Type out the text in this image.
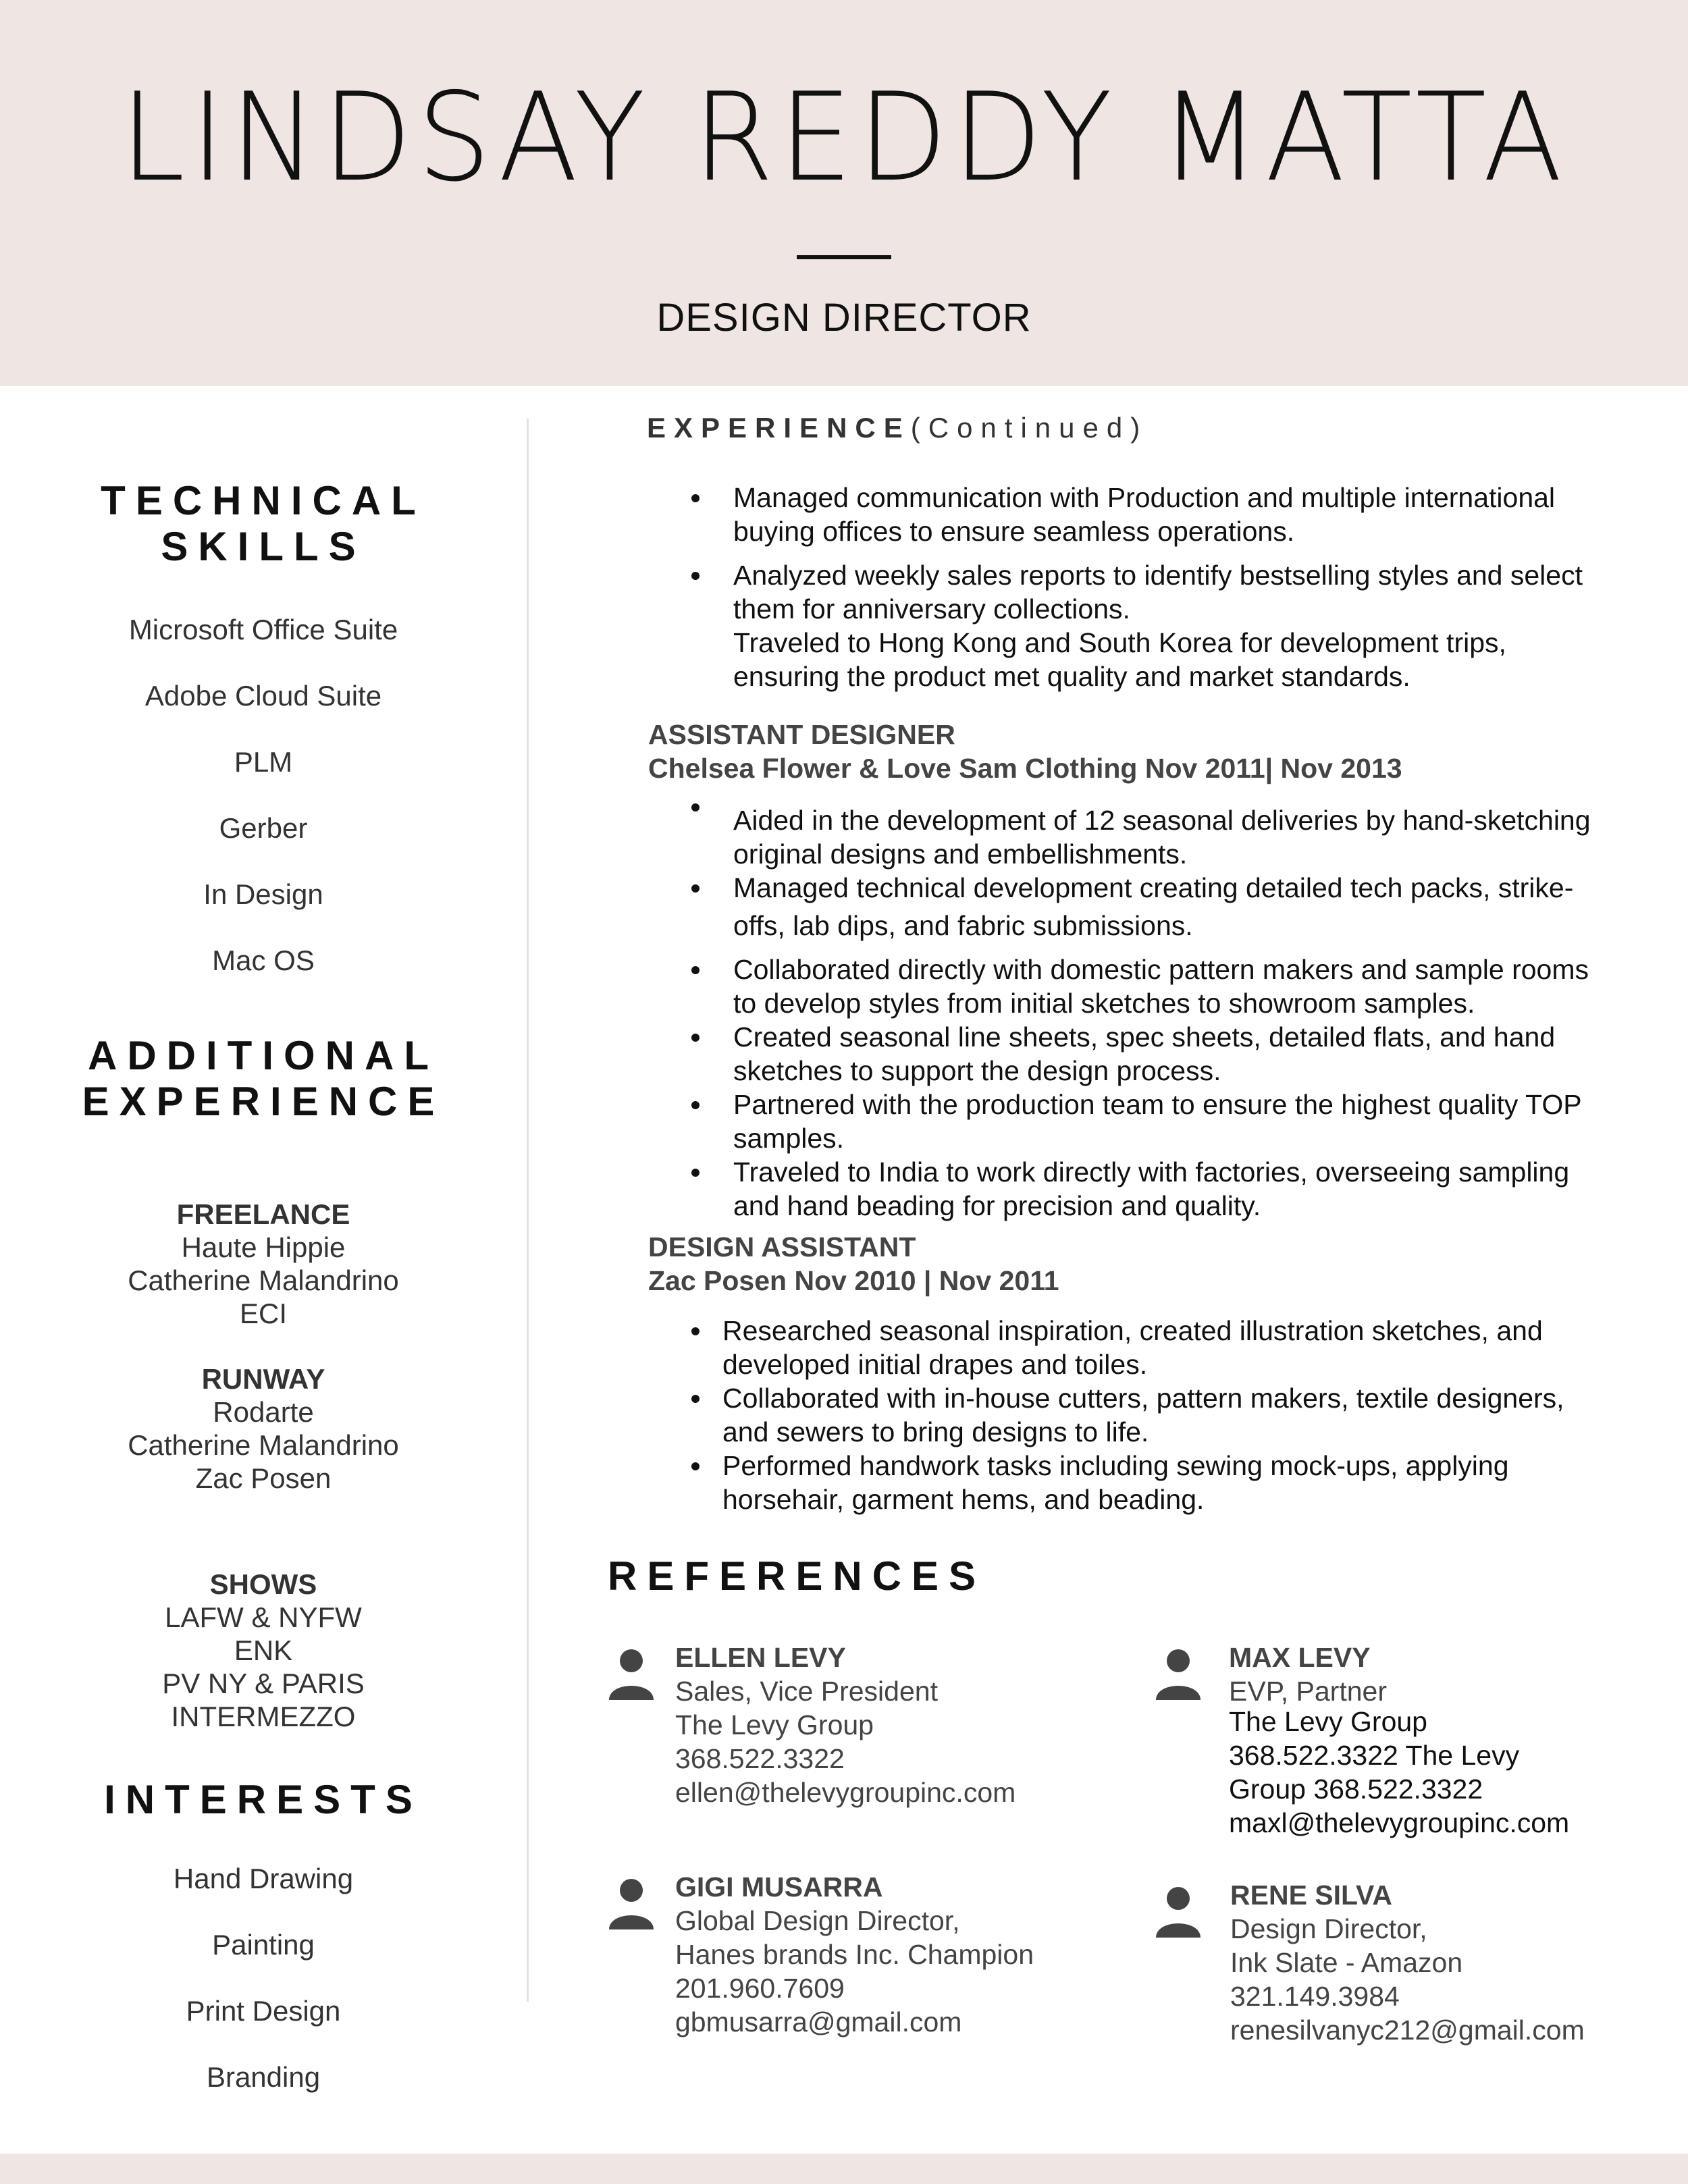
LINDSAY REDDY MATTA
DESIGN DIRECTOR
TECHNICAL
SKILLS
Microsoft Office Suite
Adobe Cloud Suite
PLM
Gerber
In Design
Mac OS
ADDITIONAL
EXPERIENCE
FREELANCE
Haute Hippie
Catherine Malandrino
ECI
RUNWAY
Rodarte
Catherine Malandrino
Zac Posen
SHOWS
LAFW & NYFW
ENK
PV NY & PARIS
INTERMEZZO
INTERESTS
Hand Drawing
Painting
Print Design
Branding
EXPERIENCE(Continued)
Managed communication with Production and multiple international
buying offices to ensure seamless operations.
Analyzed weekly sales reports to identify bestselling styles and select
them for anniversary collections.
Traveled to Hong Kong and South Korea for development trips,
ensuring the product met quality and market standards.
ASSISTANT DESIGNER
Chelsea Flower & Love Sam Clothing Nov 2011| Nov 2013
Aided in the development of 12 seasonal deliveries by hand-sketching
original designs and embellishments.
Managed technical development creating detailed tech packs, strike-
offs, lab dips, and fabric submissions.
Collaborated directly with domestic pattern makers and sample rooms
to develop styles from initial sketches to showroom samples.
Created seasonal line sheets, spec sheets, detailed flats, and hand
sketches to support the design process.
Partnered with the production team to ensure the highest quality TOP
samples.
Traveled to India to work directly with factories, overseeing sampling
and hand beading for precision and quality.
DESIGN ASSISTANT
Zac Posen Nov 2010 | Nov 2011
Researched seasonal inspiration, created illustration sketches, and
developed initial drapes and toiles.
Collaborated with in-house cutters, pattern makers, textile designers,
and sewers to bring designs to life.
Performed handwork tasks including sewing mock-ups, applying
horsehair, garment hems, and beading.
REFERENCES
ELLEN LEVY
Sales, Vice President
The Levy Group
368.522.3322
ellen@thelevygroupinc.com
MAX LEVY
EVP, Partner
The Levy Group
368.522.3322 The Levy
Group 368.522.3322
maxl@thelevygroupinc.com
GIGI MUSARRA
Global Design Director,
Hanes brands Inc. Champion
201.960.7609
gbmusarra@gmail.com
RENE SILVA
Design Director,
Ink Slate - Amazon
321.149.3984
renesilvanyc212@gmail.com
